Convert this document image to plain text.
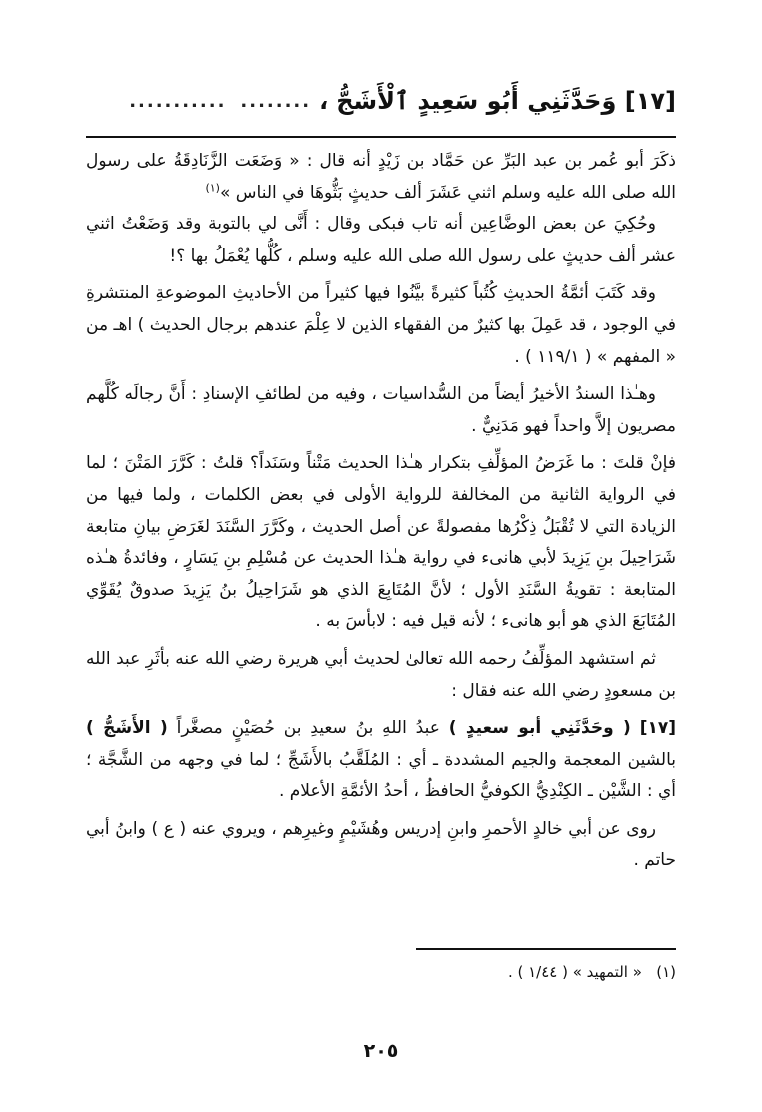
[١٧]

وَحَدَّثَنِي أَبُو سَعِيدٍ ٱلْأَشَجُّ
،
........
...........

ذكَرَ أبو عُمر بن عبد البَرِّ عن حَمَّاد بن زَيْدٍ أنه قال : « وَضَعَت الزَّنَادِقَةُ على رسول الله صلى الله عليه وسلم اثني عَشَرَ ألف حديثٍ بَثُّوهَا في الناس »$^{(١)}$

وحُكِيَ عن بعض الوضَّاعِين أنه تاب فبكى وقال : أَنَّى لي بالتوبة وقد وَضَعْتُ اثني عشر ألف حديثٍ على رسول الله صلى الله عليه وسلم ، كُلُّها يُعْمَلُ بها ؟!

وقد كَتَبَ أئمَّةُ الحديثِ كُتُباً كثيرةً بيَّنُوا فيها كثيراً من الأحاديثِ الموضوعةِ المنتشرةِ في الوجود ، قد عَمِلَ بها كثيرٌ من الفقهاء الذين لا عِلْمَ عندهم برجال الحديث ) اهـ من « المفهم » ( ١١٩/١ ) .

وهـٰذا السندُ الأخيرُ أيضاً من السُّداسيات ، وفيه من لطائفِ الإسنادِ : أَنَّ رجالَه كُلَّهم مصريون إلاَّ واحداً فهو مَدَنِيٌّ .

فإنْ قلتَ : ما غَرَضُ المؤلِّفِ بتكرار هـٰذا الحديث مَتْناً وسَنَداً؟ قلتُ : كَرَّرَ المَتْنَ ؛ لما في الرواية الثانية من المخالفة للرواية الأولى في بعض الكلمات ، ولما فيها من الزيادة التي لا تُقْبَلُ ذِكْرُها مفصولةً عن أصل الحديث ، وكَرَّرَ السَّنَدَ لغَرَضِ بيانِ متابعة شَرَاحِيلَ بنِ يَزِيدَ لأبي هانىء في رواية هـٰذا الحديث عن مُسْلِمِ بنِ يَسَارٍ ، وفائدةُ هـٰذه المتابعة : تقويةُ السَّنَدِ الأول ؛ لأنَّ المُتَابِعَ الذي هو شَرَاحِيلُ بنُ يَزِيدَ صدوقٌ يُقَوِّي المُتَابَعَ الذي هو أبو هانىء ؛ لأنه قيل فيه : لابأسَ به .

ثم استشهد المؤلِّفُ رحمه الله تعالىٰ لحديث أبي هريرة رضي الله عنه بأثَرِ عبد الله بن مسعودٍ رضي الله عنه فقال :

[١٧] ( وحَدَّثَنِي أبو سعيدٍ ) عبدُ اللهِ بنُ سعيدِ بن حُصَيْنٍ مصغَّراً ( الأَشَجُّ ) بالشين المعجمة والجيم المشددة ـ أي : المُلَقَّبُ بالأَشَجِّ ؛ لما في وجهه من الشَّجَّة ؛ أي : الشَّيْن ـ الكِنْدِيُّ الكوفيُّ الحافظُ ، أحدُ الأئمَّةِ الأعلام .

روى عن أبي خالدٍ الأحمرِ وابنِ إدريس وهُشَيْمٍ وغيرِهم ، ويروي عنه ( ع ) وابنُ أبي حاتم .

(١)   « التمهيد » ( ١/٤٤ ) .
٢٠٥
